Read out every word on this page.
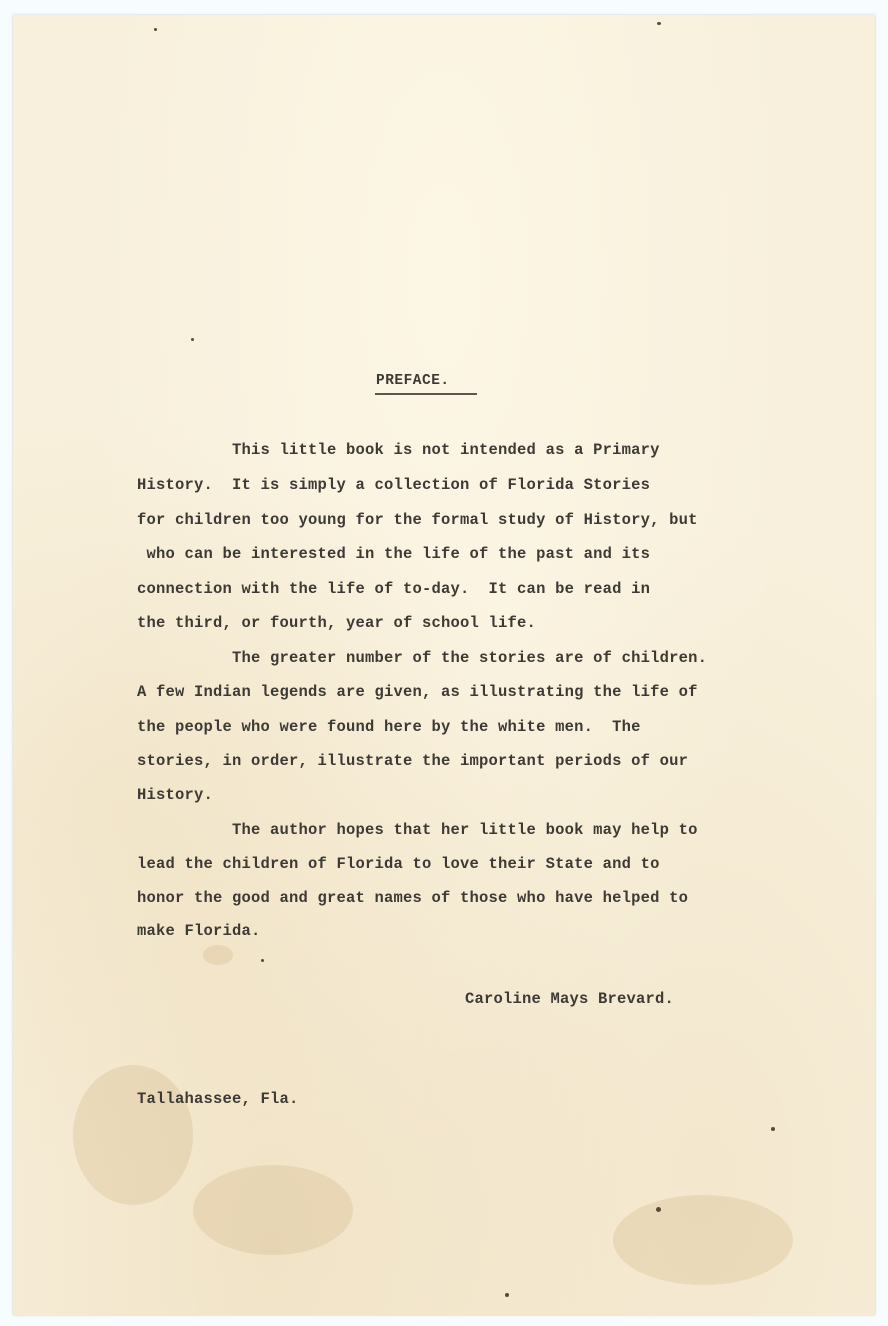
PREFACE.
This little book is not intended as a Primary
History.  It is simply a collection of Florida Stories
for children too young for the formal study of History, but
who can be interested in the life of the past and its
connection with the life of to-day.  It can be read in
the third, or fourth, year of school life.
The greater number of the stories are of children.
A few Indian legends are given, as illustrating the life of
the people who were found here by the white men.  The
stories, in order, illustrate the important periods of our
History.
The author hopes that her little book may help to
lead the children of Florida to love their State and to
honor the good and great names of those who have helped to
make Florida.
Caroline Mays Brevard.
Tallahassee, Fla.
